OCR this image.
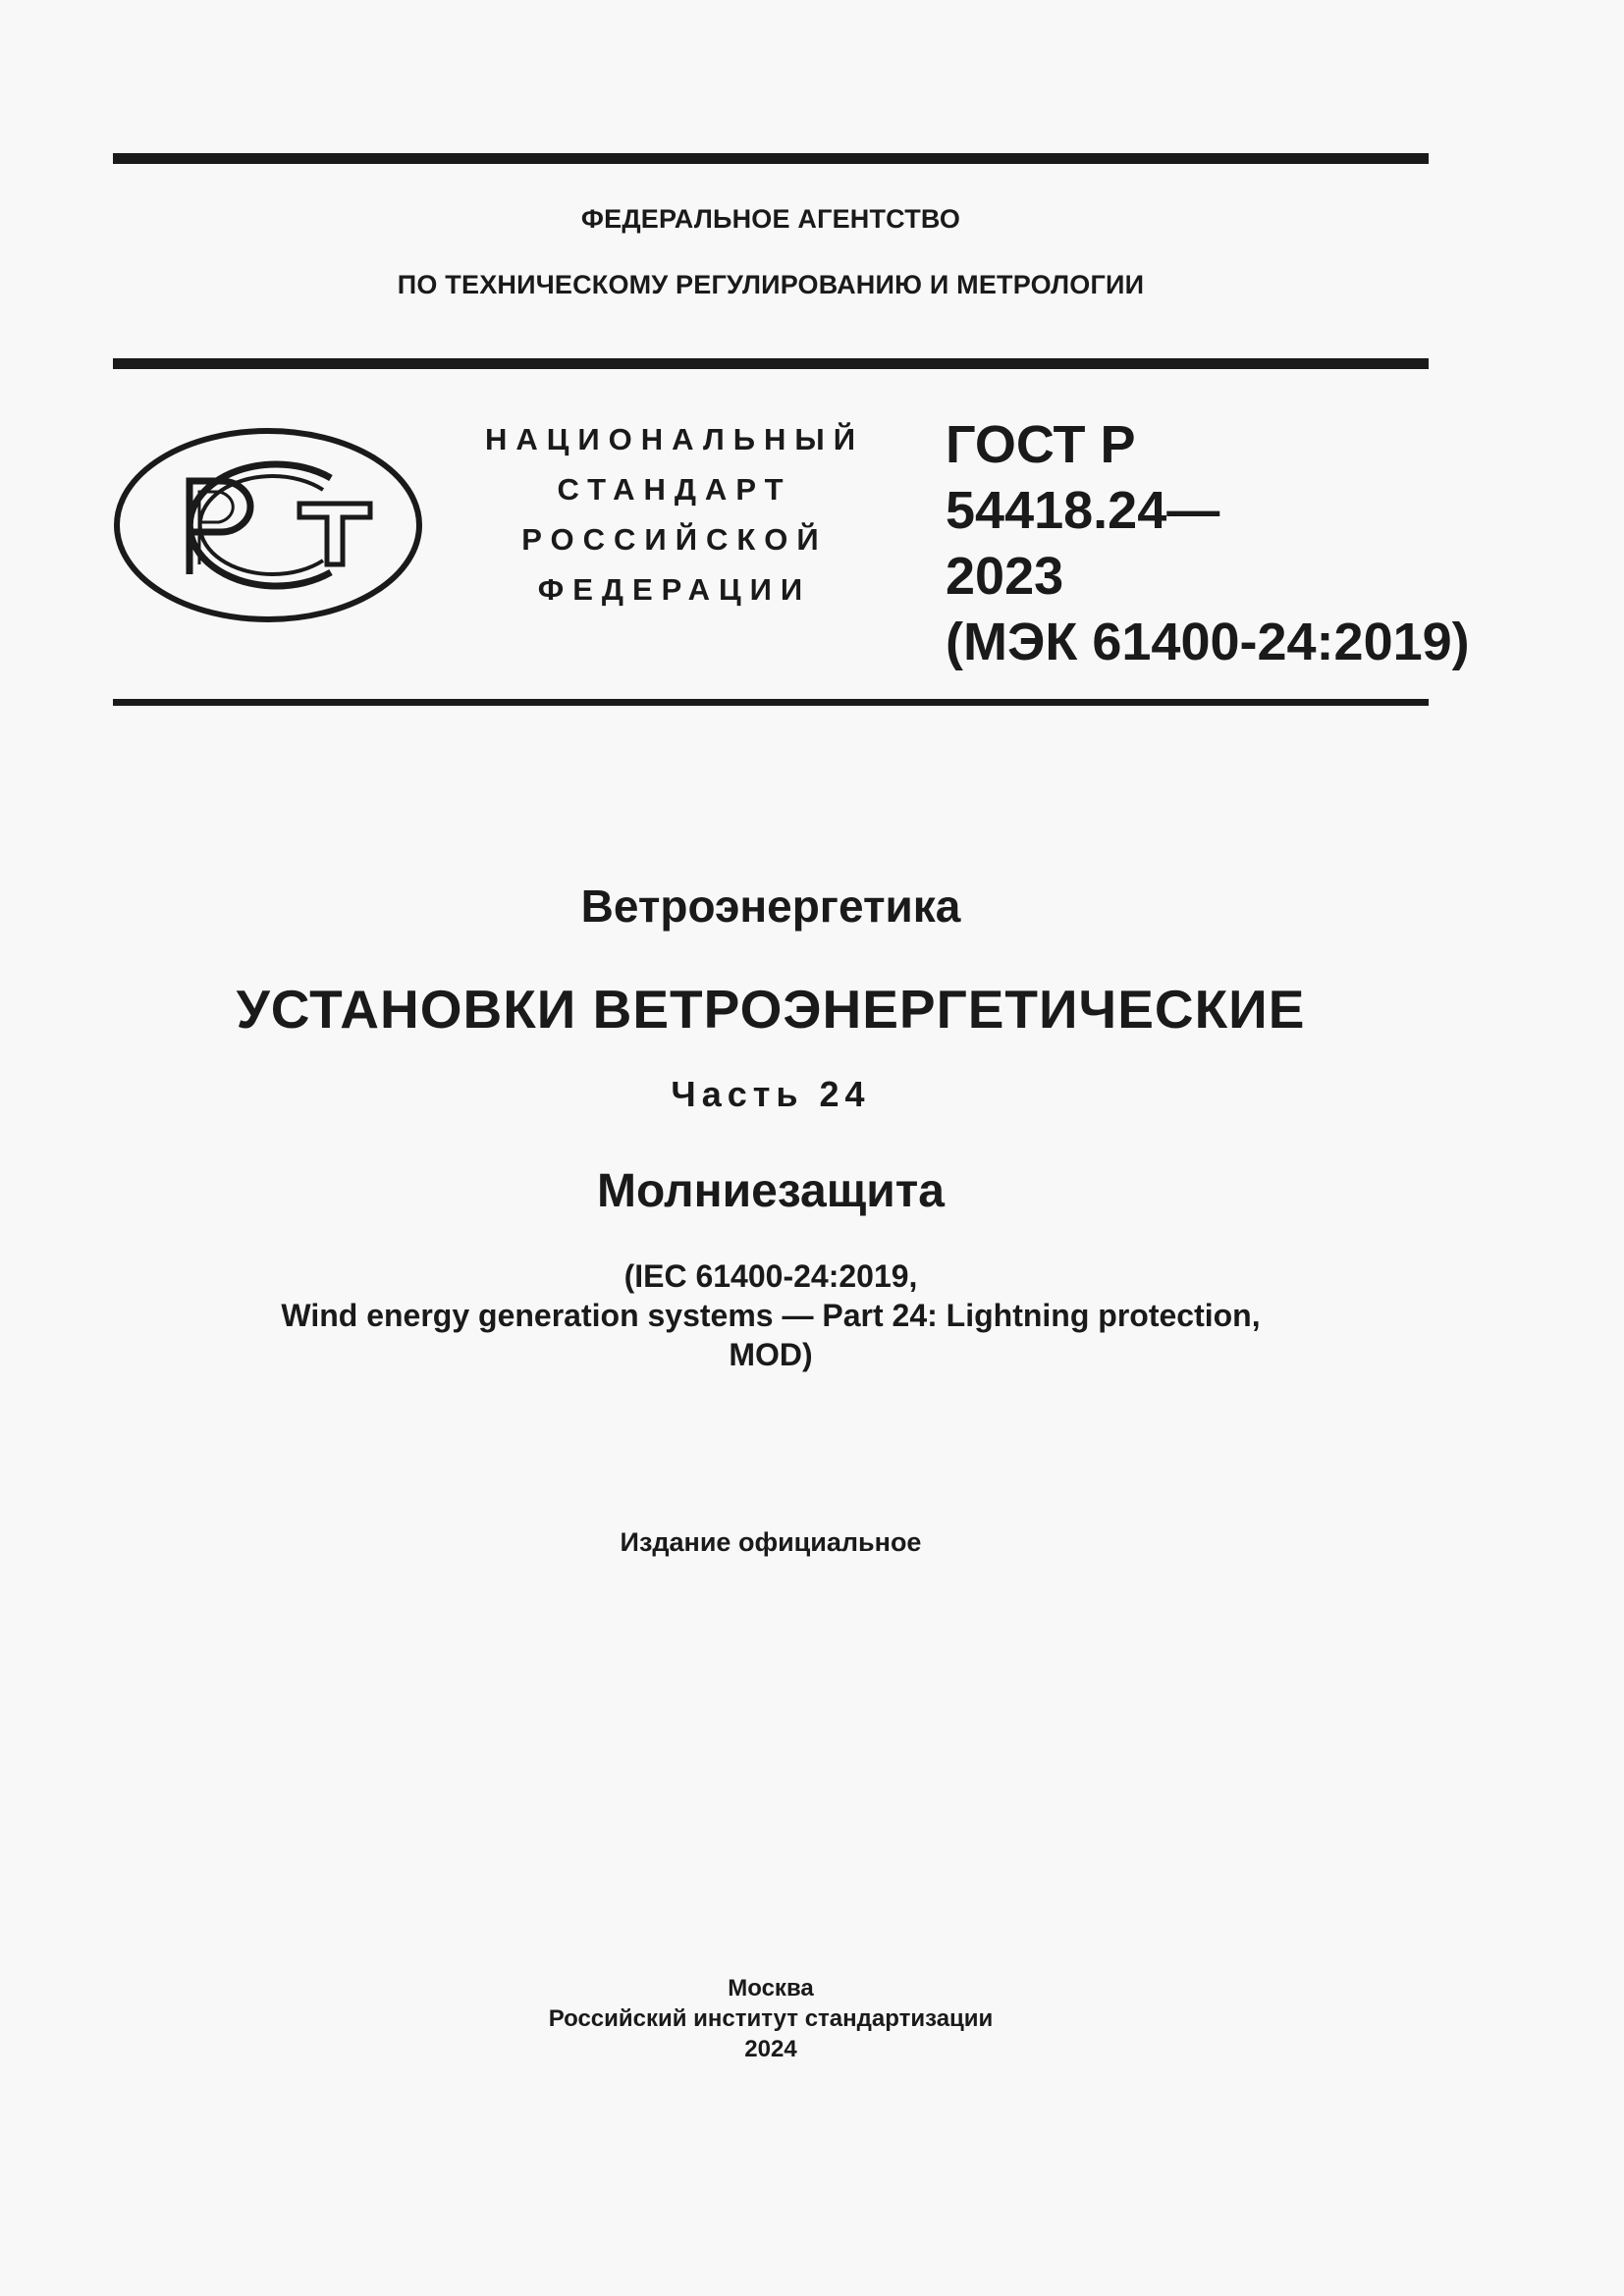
ФЕДЕРАЛЬНОЕ АГЕНТСТВО
ПО ТЕХНИЧЕСКОМУ РЕГУЛИРОВАНИЮ И МЕТРОЛОГИИ
НАЦИОНАЛЬНЫЙ
СТАНДАРТ
РОССИЙСКОЙ
ФЕДЕРАЦИИ
ГОСТ Р
54418.24—
2023
(МЭК 61400-24:2019)
Ветроэнергетика
УСТАНОВКИ ВЕТРОЭНЕРГЕТИЧЕСКИЕ
Часть 24
Молниезащита
(IEC 61400-24:2019,
Wind energy generation systems — Part 24: Lightning protection,
MOD)
Издание официальное
Москва
Российский институт стандартизации
2024
